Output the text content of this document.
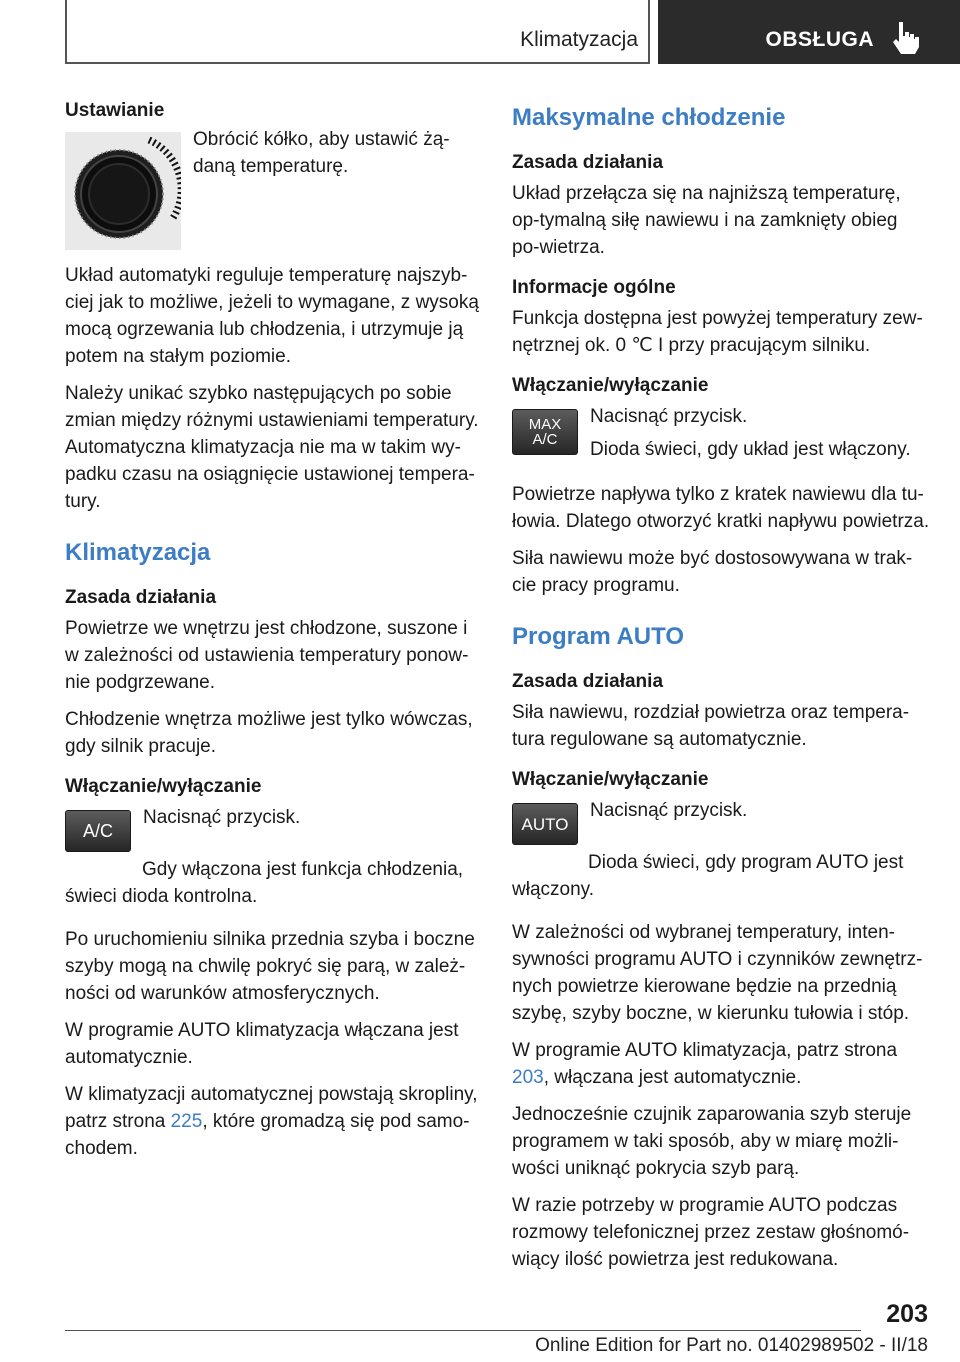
Klimatyzacja	OBSŁUGA
Ustawianie

Obrócić kółko, aby ustawić żą-daną temperaturę.

Układ automatyki reguluje temperaturę najszyb-ciej jak to możliwe, jeżeli to wymagane, z wysoką mocą ogrzewania lub chłodzenia, i utrzymuje ją potem na stałym poziomie.

Należy unikać szybko następujących po sobie zmian między różnymi ustawieniami temperatury. Automatyczna klimatyzacja nie ma w takim wy-padku czasu na osiągnięcie ustawionej tempera-tury.

Klimatyzacja
Zasada działania

Powietrze we wnętrzu jest chłodzone, suszone i w zależności od ustawienia temperatury ponow-nie podgrzewane.

Chłodzenie wnętrza możliwe jest tylko wówczas, gdy silnik pracuje.

Włączanie/wyłączanie
A/C

Nacisnąć przycisk.

Gdy włączona jest funkcja chłodzenia, świeci dioda kontrolna.

Po uruchomieniu silnika przednia szyba i boczne szyby mogą na chwilę pokryć się parą, w zależ-ności od warunków atmosferycznych.

W programie AUTO klimatyzacja włączana jest automatycznie.

W klimatyzacji automatycznej powstają skropliny, patrz strona 225, które gromadzą się pod samo-chodem.

Maksymalne chłodzenie
Zasada działania

Układ przełącza się na najniższą temperaturę, op-tymalną siłę nawiewu i na zamknięty obieg po-wietrza.

Informacje ogólne

Funkcja dostępna jest powyżej temperatury zew-nętrznej ok. 0 ℃ I przy pracującym silniku.

Włączanie/wyłączanie
MAX
A/C

Nacisnąć przycisk.

Dioda świeci, gdy układ jest włączony.

Powietrze napływa tylko z kratek nawiewu dla tu-łowia. Dlatego otworzyć kratki napływu powietrza.

Siła nawiewu może być dostosowywana w trak-cie pracy programu.

Program AUTO
Zasada działania

Siła nawiewu, rozdział powietrza oraz tempera-tura regulowane są automatycznie.

Włączanie/wyłączanie
AUTO

Nacisnąć przycisk.

Dioda świeci, gdy program AUTO jest włączony.

W zależności od wybranej temperatury, inten-sywności programu AUTO i czynników zewnętrz-nych powietrze kierowane będzie na przednią szybę, szyby boczne, w kierunku tułowia i stóp.

W programie AUTO klimatyzacja, patrz strona 203, włączana jest automatycznie.

Jednocześnie czujnik zaparowania szyb steruje programem w taki sposób, aby w miarę możli-wości uniknąć pokrycia szyb parą.

W razie potrzeby w programie AUTO podczas rozmowy telefonicznej przez zestaw głośnomó-wiący ilość powietrza jest redukowana.

203
Online Edition for Part no. 01402989502 - II/18
